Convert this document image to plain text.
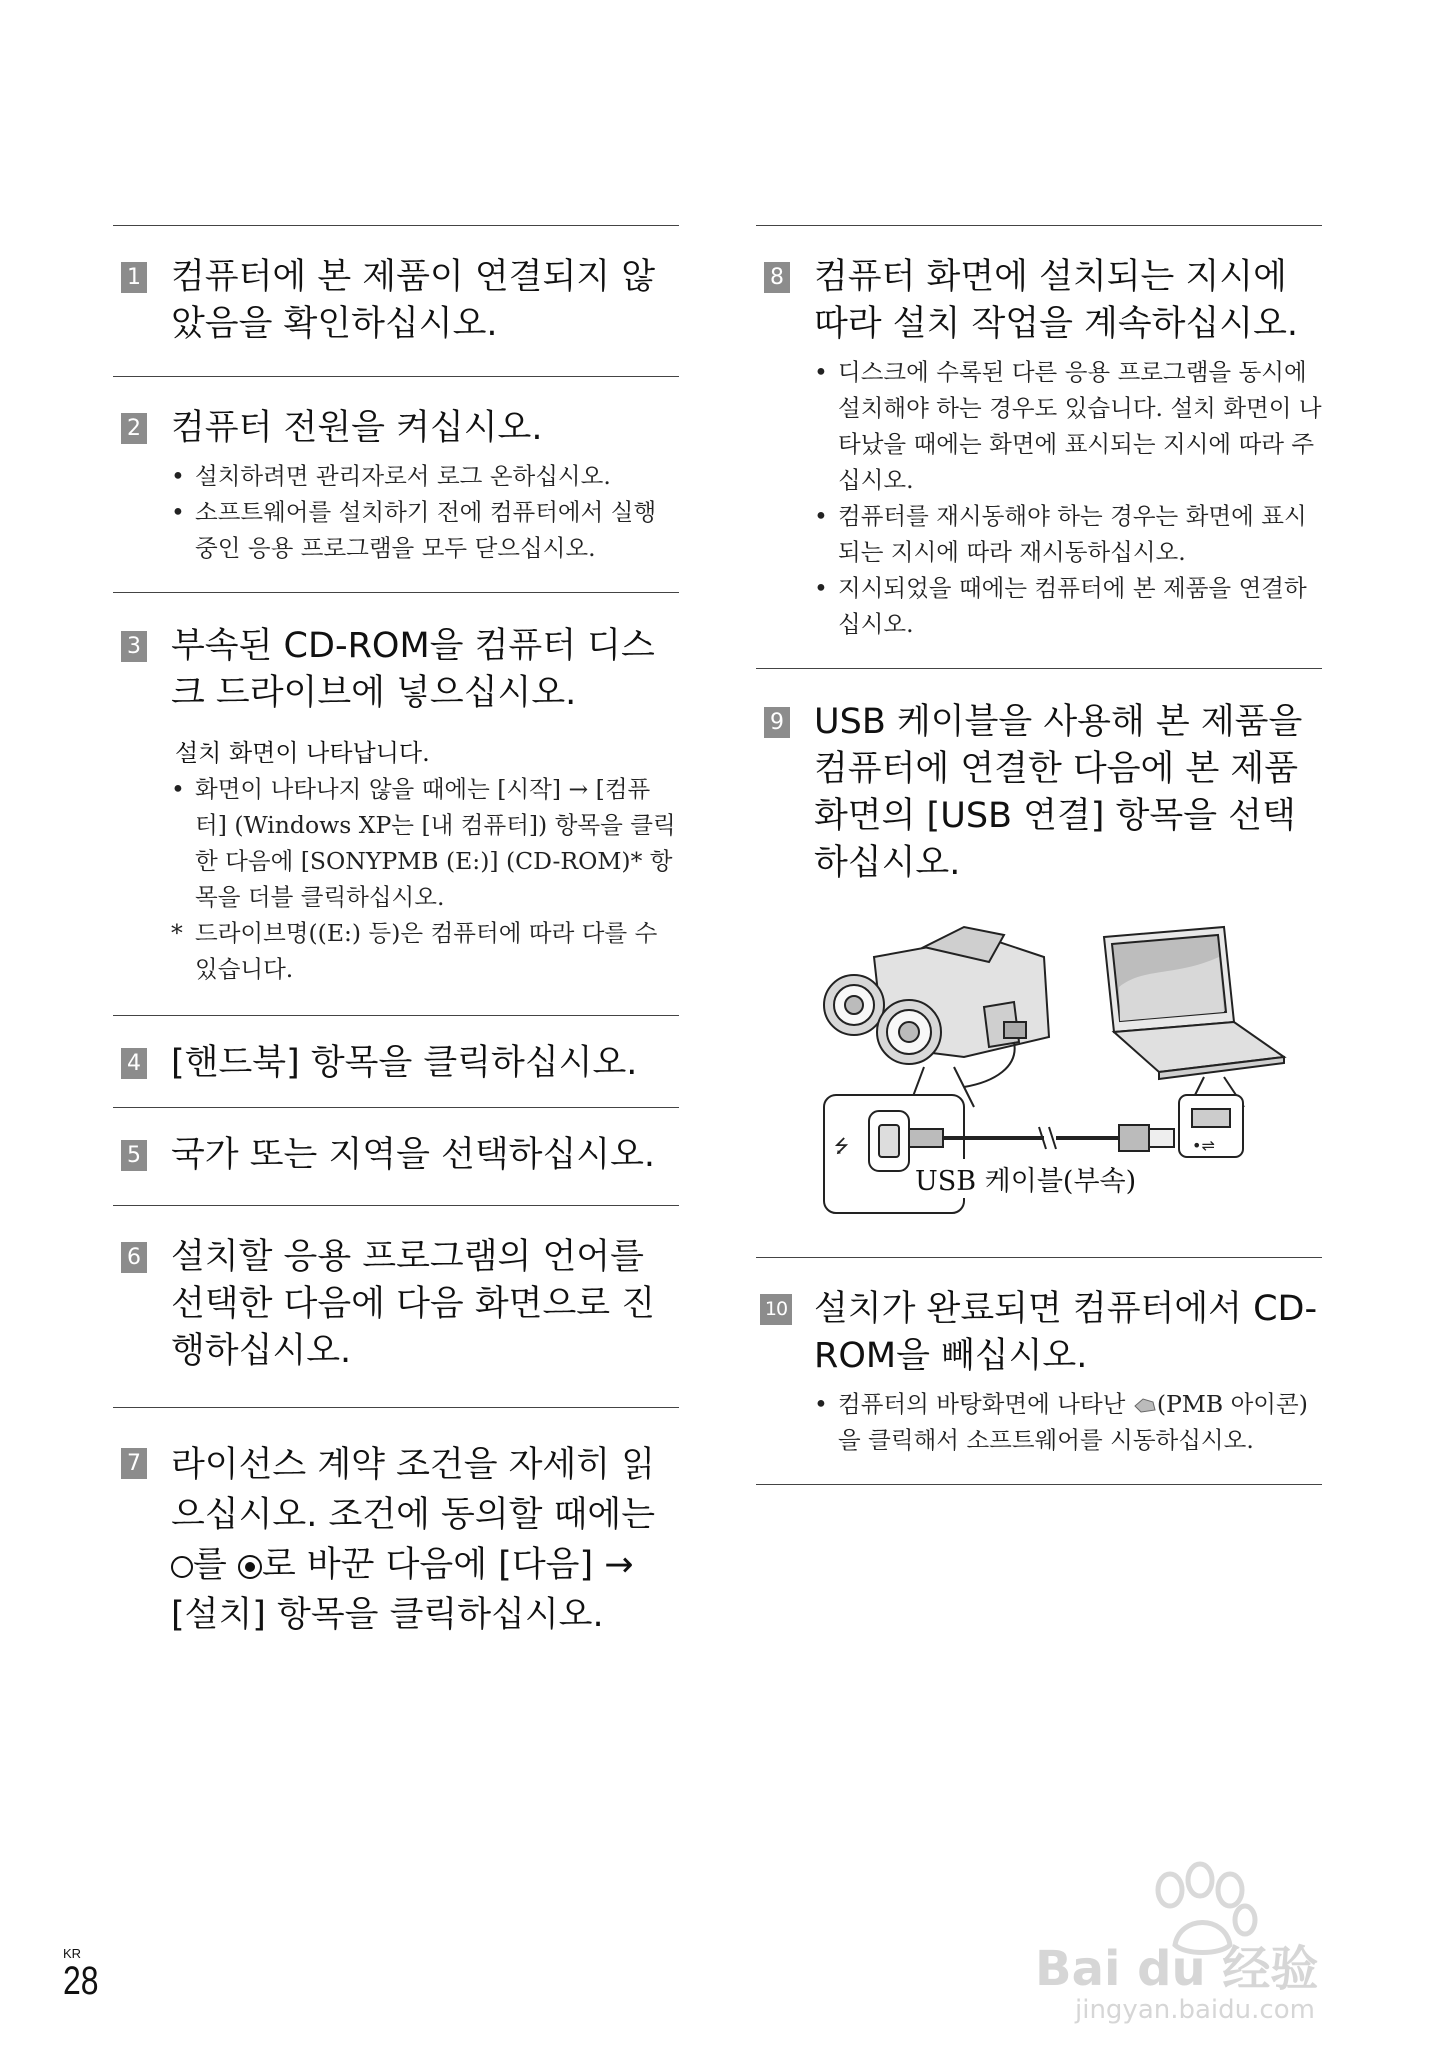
1 컴퓨터에 본 제품이 연결되지 않았음을 확인하십시오.
2 컴퓨터 전원을 켜십시오.
• 설치하려면 관리자로서 로그 온하십시오.
• 소프트웨어를 설치하기 전에 컴퓨터에서 실행 중인 응용 프로그램을 모두 닫으십시오.
3 부속된 CD-ROM을 컴퓨터 디스크 드라이브에 넣으십시오.
설치 화면이 나타납니다.
• 화면이 나타나지 않을 때에는 [시작] → [컴퓨터] (Windows XP는 [내 컴퓨터]) 항목을 클릭한 다음에 [SONYPMB (E:)] (CD-ROM)* 항목을 더블 클릭하십시오.
* 드라이브명((E:) 등)은 컴퓨터에 따라 다를 수 있습니다.
4 [핸드북] 항목을 클릭하십시오.
5 국가 또는 지역을 선택하십시오.
6 설치할 응용 프로그램의 언어를 선택한 다음에 다음 화면으로 진행하십시오.
7 라이선스 계약 조건을 자세히 읽으십시오. 조건에 동의할 때에는 를 로 바꾼 다음에 [다음] → [설치] 항목을 클릭하십시오.
8 컴퓨터 화면에 설치되는 지시에 따라 설치 작업을 계속하십시오.
• 디스크에 수록된 다른 응용 프로그램을 동시에 설치해야 하는 경우도 있습니다. 설치 화면이 나타났을 때에는 화면에 표시되는 지시에 따라 주십시오.
• 컴퓨터를 재시동해야 하는 경우는 화면에 표시되는 지시에 따라 재시동하십시오.
• 지시되었을 때에는 컴퓨터에 본 제품을 연결하십시오.
9 USB 케이블을 사용해 본 제품을 컴퓨터에 연결한 다음에 본 제품 화면의 [USB 연결] 항목을 선택하십시오.
⭍	•⇌
USB 케이블(부속)
10 설치가 완료되면 컴퓨터에서 CD-ROM을 빼십시오.
• 컴퓨터의 바탕화면에 나타난 (PMB 아이콘)을 클릭해서 소프트웨어를 시동하십시오.
KR
28	Bai du 经验
jingyan.baidu.com
